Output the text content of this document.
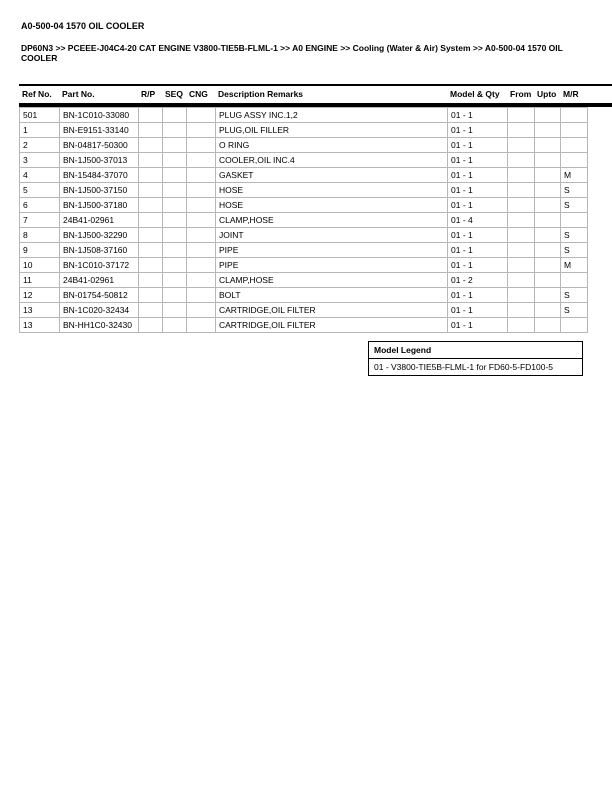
A0-500-04 1570 OIL COOLER
DP60N3 >> PCEEE-J04C4-20 CAT ENGINE V3800-TIE5B-FLML-1 >> A0 ENGINE >> Cooling (Water & Air) System >> A0-500-04 1570 OIL COOLER
Ref No.	Part No.	R/P	SEQ CNG	Description Remarks	Model & Qty	From Upto M/R
501	BN-1C010-33080				PLUG ASSY INC.1,2	01 - 1			
1	BN-E9151-33140				PLUG,OIL FILLER	01 - 1			
2	BN-04817-50300				O RING	01 - 1			
3	BN-1J500-37013				COOLER,OIL INC.4	01 - 1			
4	BN-15484-37070				GASKET	01 - 1			M
5	BN-1J500-37150				HOSE	01 - 1			S
6	BN-1J500-37180				HOSE	01 - 1			S
7	24B41-02961				CLAMP,HOSE	01 - 4			
8	BN-1J500-32290				JOINT	01 - 1			S
9	BN-1J508-37160				PIPE	01 - 1			S
10	BN-1C010-37172				PIPE	01 - 1			M
11	24B41-02961				CLAMP,HOSE	01 - 2			
12	BN-01754-50812				BOLT	01 - 1			S
13	BN-1C020-32434				CARTRIDGE,OIL FILTER	01 - 1			S
13	BN-HH1C0-32430				CARTRIDGE,OIL FILTER	01 - 1			
Model Legend
01 - V3800-TIE5B-FLML-1 for FD60-5-FD100-5
